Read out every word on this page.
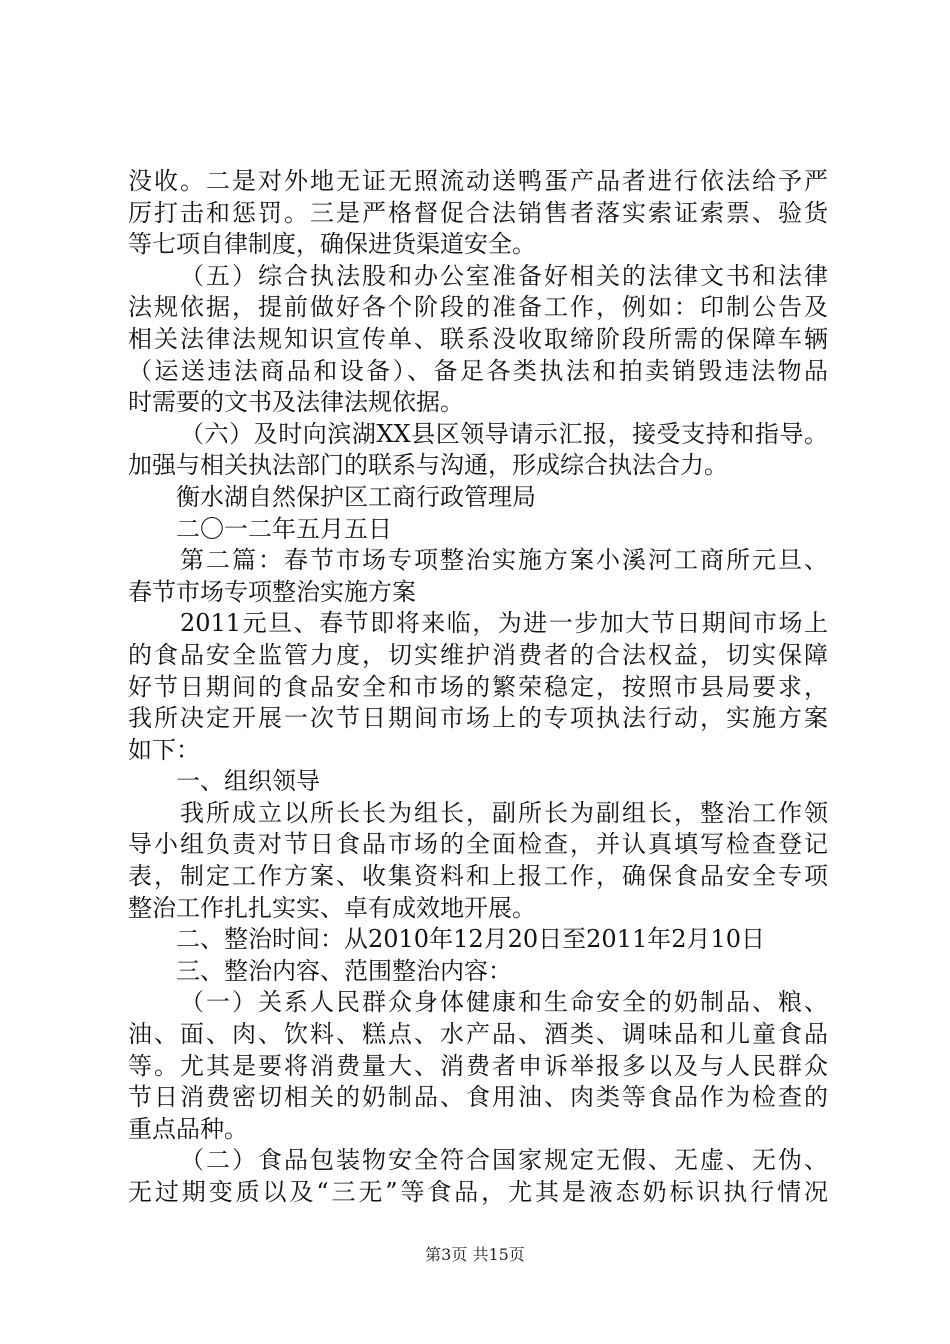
没收。二是对外地无证无照流动送鸭蛋产品者进行依法给予严
厉打击和惩罚。三是严格督促合法销售者落实索证索票、验货
等七项自律制度，确保进货渠道安全。
（五）综合执法股和办公室准备好相关的法律文书和法律
法规依据，提前做好各个阶段的准备工作，例如：印制公告及
相关法律法规知识宣传单、联系没收取缔阶段所需的保障车辆
（运送违法商品和设备）、备足各类执法和拍卖销毁违法物品
时需要的文书及法律法规依据。
（六）及时向滨湖XX县区领导请示汇报，接受支持和指导。
加强与相关执法部门的联系与沟通，形成综合执法合力。
衡水湖自然保护区工商行政管理局
二〇一二年五月五日
第二篇：春节市场专项整治实施方案小溪河工商所元旦、
春节市场专项整治实施方案
2011元旦、春节即将来临，为进一步加大节日期间市场上
的食品安全监管力度，切实维护消费者的合法权益，切实保障
好节日期间的食品安全和市场的繁荣稳定，按照市县局要求，
我所决定开展一次节日期间市场上的专项执法行动，实施方案
如下：
一、组织领导
我所成立以所长长为组长，副所长为副组长，整治工作领
导小组负责对节日食品市场的全面检查，并认真填写检查登记
表，制定工作方案、收集资料和上报工作，确保食品安全专项
整治工作扎扎实实、卓有成效地开展。
二、整治时间：从2010年12月20日至2011年2月10日
三、整治内容、范围整治内容：
（一）关系人民群众身体健康和生命安全的奶制品、粮、
油、面、肉、饮料、糕点、水产品、酒类、调味品和儿童食品
等。尤其是要将消费量大、消费者申诉举报多以及与人民群众
节日消费密切相关的奶制品、食用油、肉类等食品作为检查的
重点品种。
（二）食品包装物安全符合国家规定无假、无虚、无伪、
无过期变质以及“三无”等食品，尤其是液态奶标识执行情况
第3页 共15页
